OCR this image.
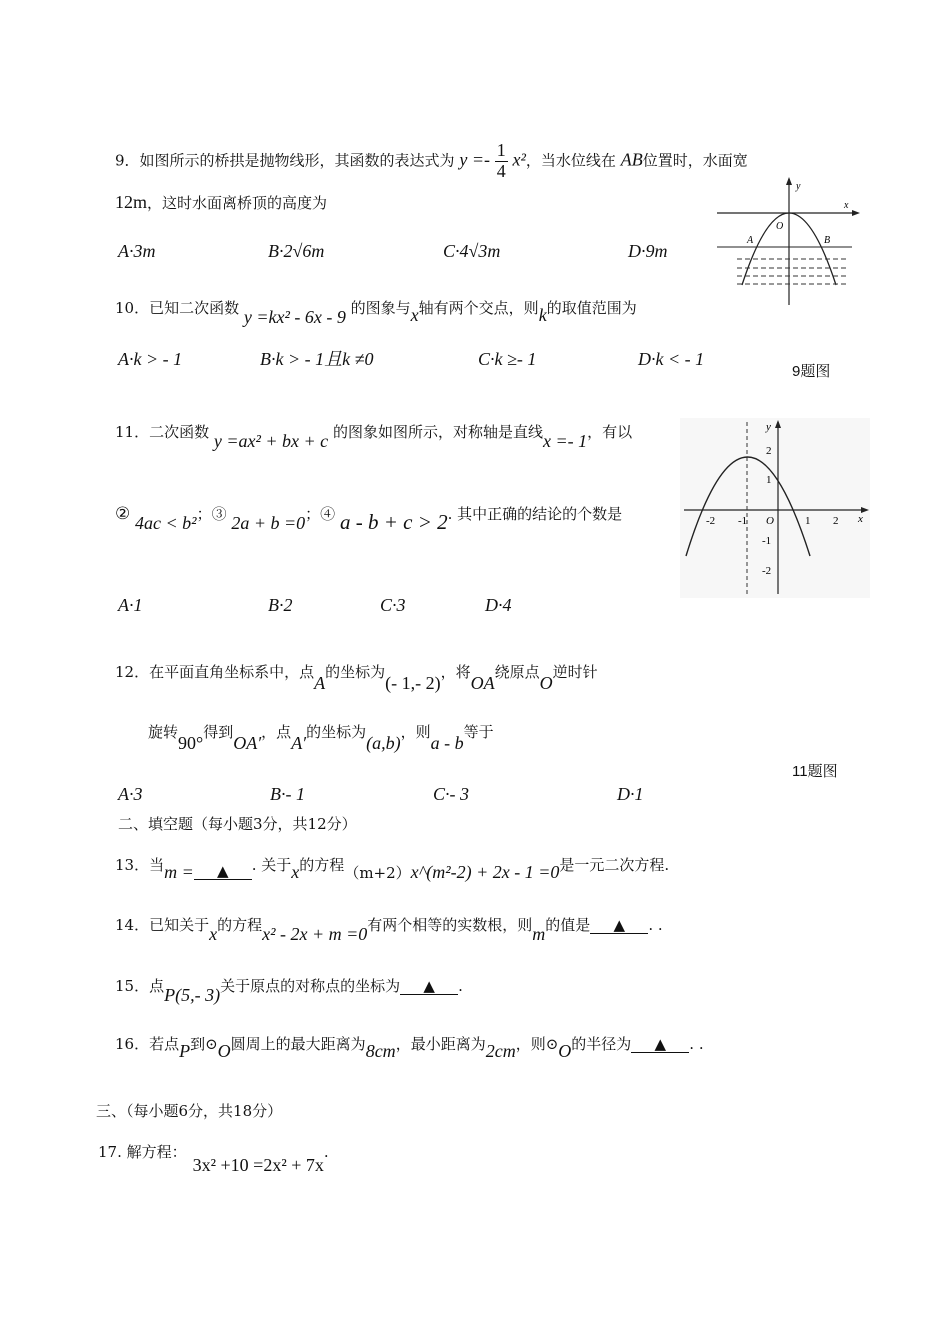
9．如图所示的桥拱是抛物线形，其函数的表达式为 $y =- \frac{1}{4} x^2$，当水位线在 AB位置时，水面宽
12m，这时水面离桥顶的高度为
A·3m	B·2√6m	C·4√3m	D·9m
y
x
O
A	B
10．已知二次函数 y =kx² - 6x - 9 的图象与x轴有两个交点，则k的取值范围为
A·k > - 1	B·k > - 1且k ≠0	C·k ≥- 1	D·k < - 1
9题图
11．二次函数 y =ax² + bx + c 的图象如图所示，对称轴是直线x =- 1，有以
② 4ac < b²；③ 2a + b =0；④ a - b + c > 2. 其中正确的结论的个数是
A·1	B·2	C·3	D·4
y
x
2
1
-1
-2
-2 -1 O	1 2
12．在平面直角坐标系中，点A的坐标为(- 1,- 2)，将OA绕原点O逆时针
旋转90°得到OA′，点A′的坐标为(a,b)，则a - b等于
11题图
A·3	B·- 1	C·- 3	D·1
二、填空题（每小题3分，共12分）
13．当m = ▲ . 关于x的方程（m+2）x^(m²-2) + 2x - 1 =0是一元二次方程.
14．已知关于x的方程x² - 2x + m =0有两个相等的实数根，则m的值是 ▲ . .
15．点P(5,- 3)关于原点的对称点的坐标为 ▲ .
16．若点P到⊙O圆周上的最大距离为8cm，最小距离为2cm，则⊙O的半径为 ▲ . .
三、（每小题6分，共18分）
17. 解方程：3x² +10 =2x² + 7x.
